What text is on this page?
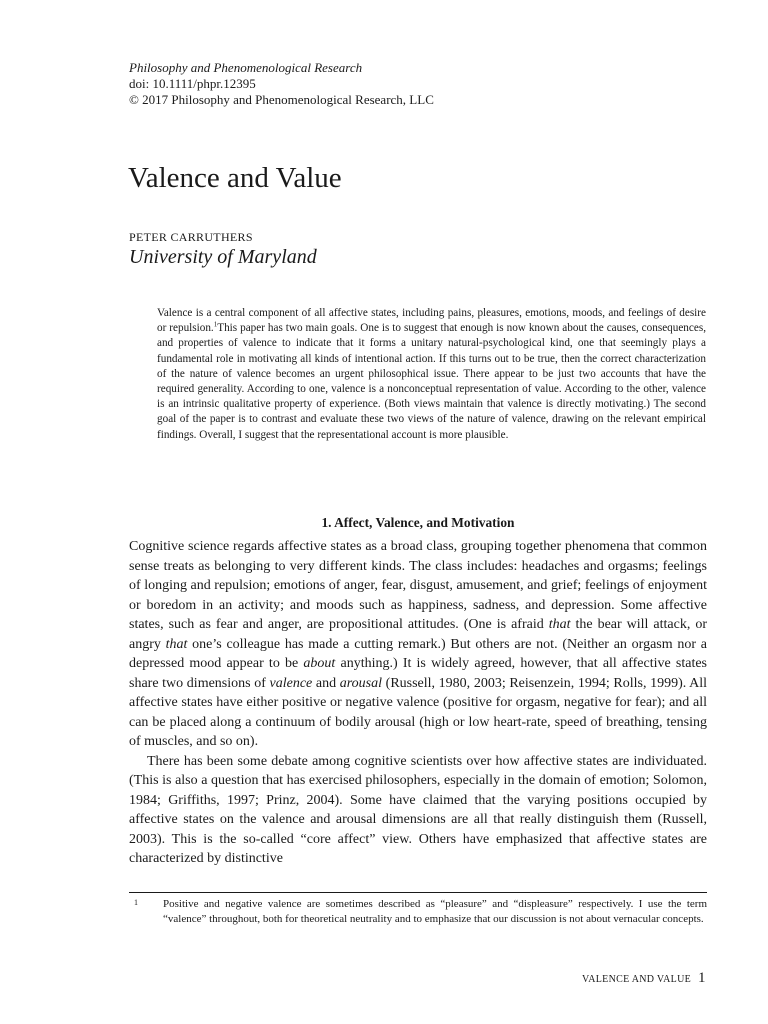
Philosophy and Phenomenological Research
doi: 10.1111/phpr.12395
© 2017 Philosophy and Phenomenological Research, LLC
Valence and Value
PETER CARRUTHERS
University of Maryland
Valence is a central component of all affective states, including pains, pleasures, emotions, moods, and feelings of desire or repulsion.$^1$This paper has two main goals. One is to suggest that enough is now known about the causes, consequences, and properties of valence to indicate that it forms a unitary natural-psychological kind, one that seemingly plays a fundamental role in motivating all kinds of intentional action. If this turns out to be true, then the correct characterization of the nature of valence becomes an urgent philosophical issue. There appear to be just two accounts that have the required generality. According to one, valence is a nonconceptual representation of value. According to the other, valence is an intrinsic qualitative property of experience. (Both views maintain that valence is directly motivating.) The second goal of the paper is to contrast and evaluate these two views of the nature of valence, drawing on the relevant empirical findings. Overall, I suggest that the representational account is more plausible.
1. Affect, Valence, and Motivation

Cognitive science regards affective states as a broad class, grouping together phenomena that common sense treats as belonging to very different kinds. The class includes: headaches and orgasms; feelings of longing and repulsion; emotions of anger, fear, disgust, amusement, and grief; feelings of enjoyment or boredom in an activity; and moods such as happiness, sadness, and depression. Some affective states, such as fear and anger, are propositional attitudes. (One is afraid that the bear will attack, or angry that one’s colleague has made a cutting remark.) But others are not. (Neither an orgasm nor a depressed mood appear to be about anything.) It is widely agreed, however, that all affective states share two dimensions of valence and arousal (Russell, 1980, 2003; Reisenzein, 1994; Rolls, 1999). All affective states have either positive or negative valence (positive for orgasm, negative for fear); and all can be placed along a continuum of bodily arousal (high or low heart-rate, speed of breathing, tensing of muscles, and so on).

There has been some debate among cognitive scientists over how affective states are individuated. (This is also a question that has exercised philosophers, especially in the domain of emotion; Solomon, 1984; Griffiths, 1997; Prinz, 2004). Some have claimed that the varying positions occupied by affective states on the valence and arousal dimensions are all that really distinguish them (Russell, 2003). This is the so-called “core affect” view. Others have emphasized that affective states are characterized by distinctive

1 Positive and negative valence are sometimes described as “pleasure” and “displeasure” respectively. I use the term “valence” throughout, both for theoretical neutrality and to emphasize that our discussion is not about vernacular concepts.
VALENCE AND VALUE 1
